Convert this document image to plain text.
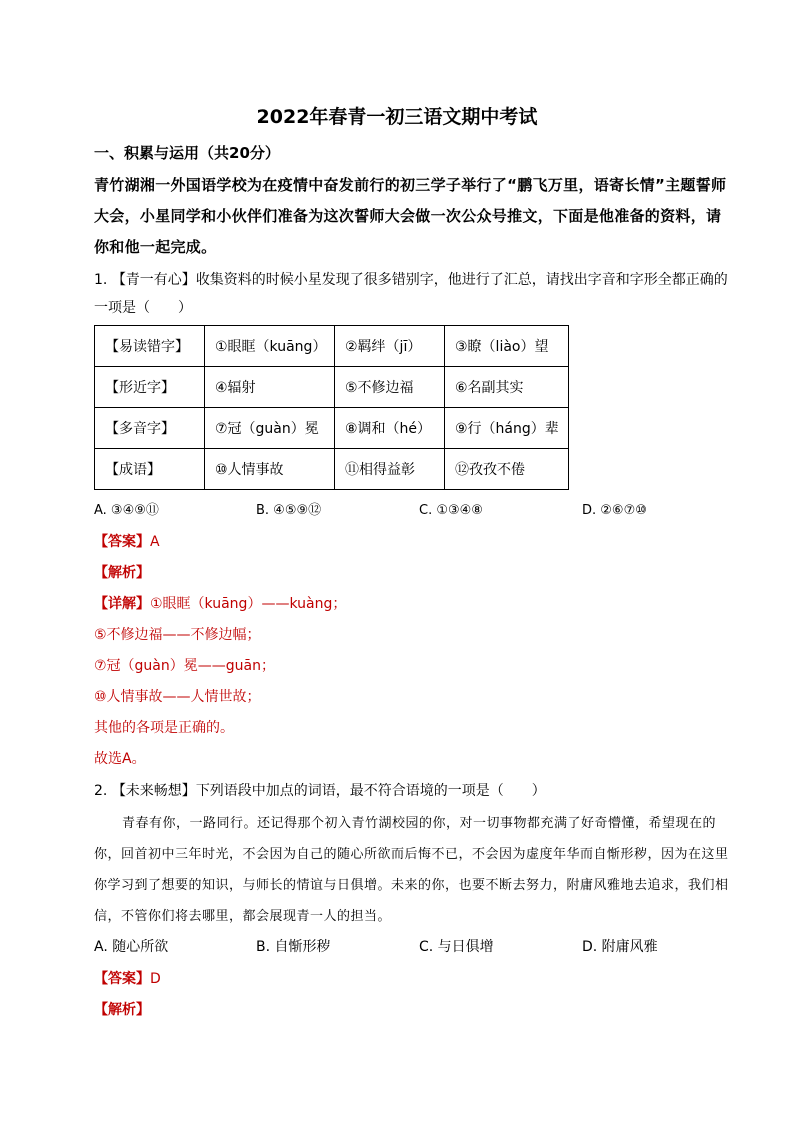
2022年春青一初三语文期中考试
一、积累与运用（共20分）
青竹湖湘一外国语学校为在疫情中奋发前行的初三学子举行了“鹏飞万里，语寄长情”主题誓师大会，小星同学和小伙伴们准备为这次誓师大会做一次公众号推文，下面是他准备的资料，请你和他一起完成。
1. 【青一有心】收集资料的时候小星发现了很多错别字，他进行了汇总，请找出字音和字形全都正确的一项是（　　）
【易读错字】	①眼眶（kuāng）	②羁绊（jī）	③瞭（liào）望
【形近字】	④辐射	⑤不修边福	⑥名副其实
【多音字】	⑦冠（guàn）冕	⑧调和（hé）	⑨行（háng）辈
【成语】	⑩人情事故	⑪相得益彰	⑫孜孜不倦
A. ③④⑨⑪	B. ④⑤⑨⑫	C. ①③④⑧	D. ②⑥⑦⑩
【答案】A
【解析】
【详解】①眼眶（kuāng）——kuàng；
⑤不修边福——不修边幅；
⑦冠（guàn）冕——guān；
⑩人情事故——人情世故；
其他的各项是正确的。
故选A。
2. 【未来畅想】下列语段中加点的词语，最不符合语境的一项是（　　）
青春有你，一路同行。还记得那个初入青竹湖校园的你，对一切事物都充满了好奇懵懂，希望现在的你，回首初中三年时光，不会因为自己的随心所欲而后悔不已，不会因为虚度年华而自惭形秽，因为在这里你学习到了想要的知识，与师长的情谊与日俱增。未来的你，也要不断去努力，附庸风雅地去追求，我们相信，不管你们将去哪里，都会展现青一人的担当。
A. 随心所欲	B. 自惭形秽	C. 与日俱增	D. 附庸风雅
【答案】D
【解析】
